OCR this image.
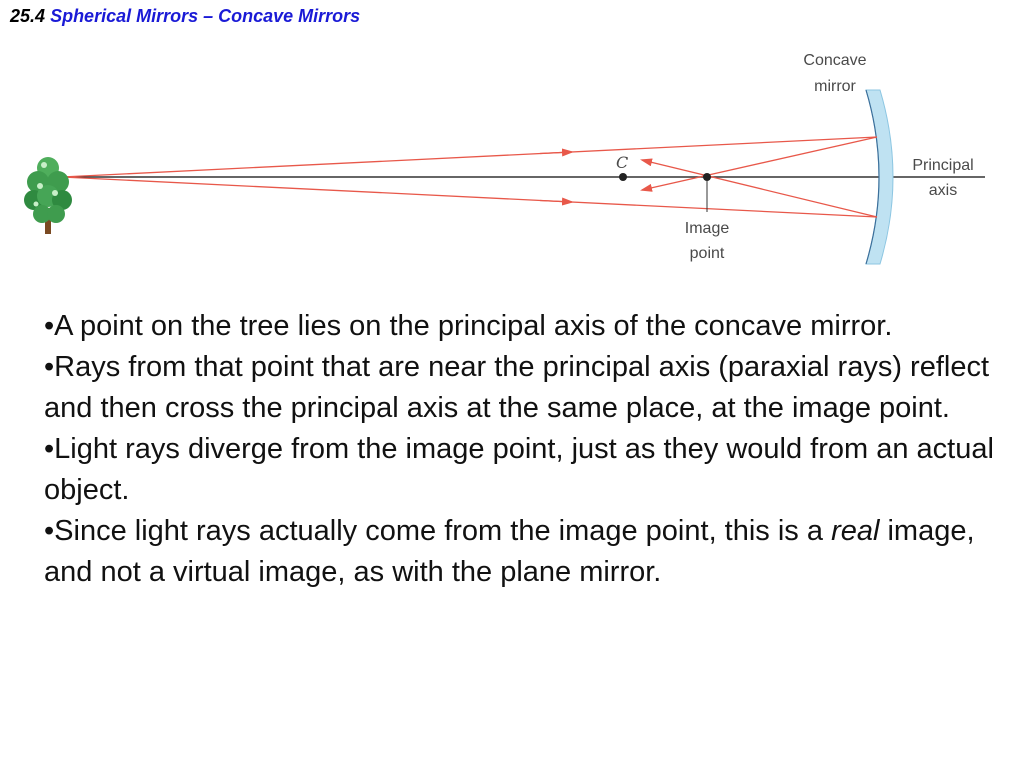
25.4 Spherical Mirrors – Concave Mirrors
C
Image
point
Concave
mirror
Principal
axis

•A point on the tree lies on the principal axis of the concave mirror.

•Rays from that point that are near the principal axis (paraxial rays) reflect and then cross the principal axis at the same place, at the image point.

•Light rays diverge from the image point, just as they would from an actual object.

•Since light rays actually come from the image point, this is a real image, and not a virtual image, as with the plane mirror.
